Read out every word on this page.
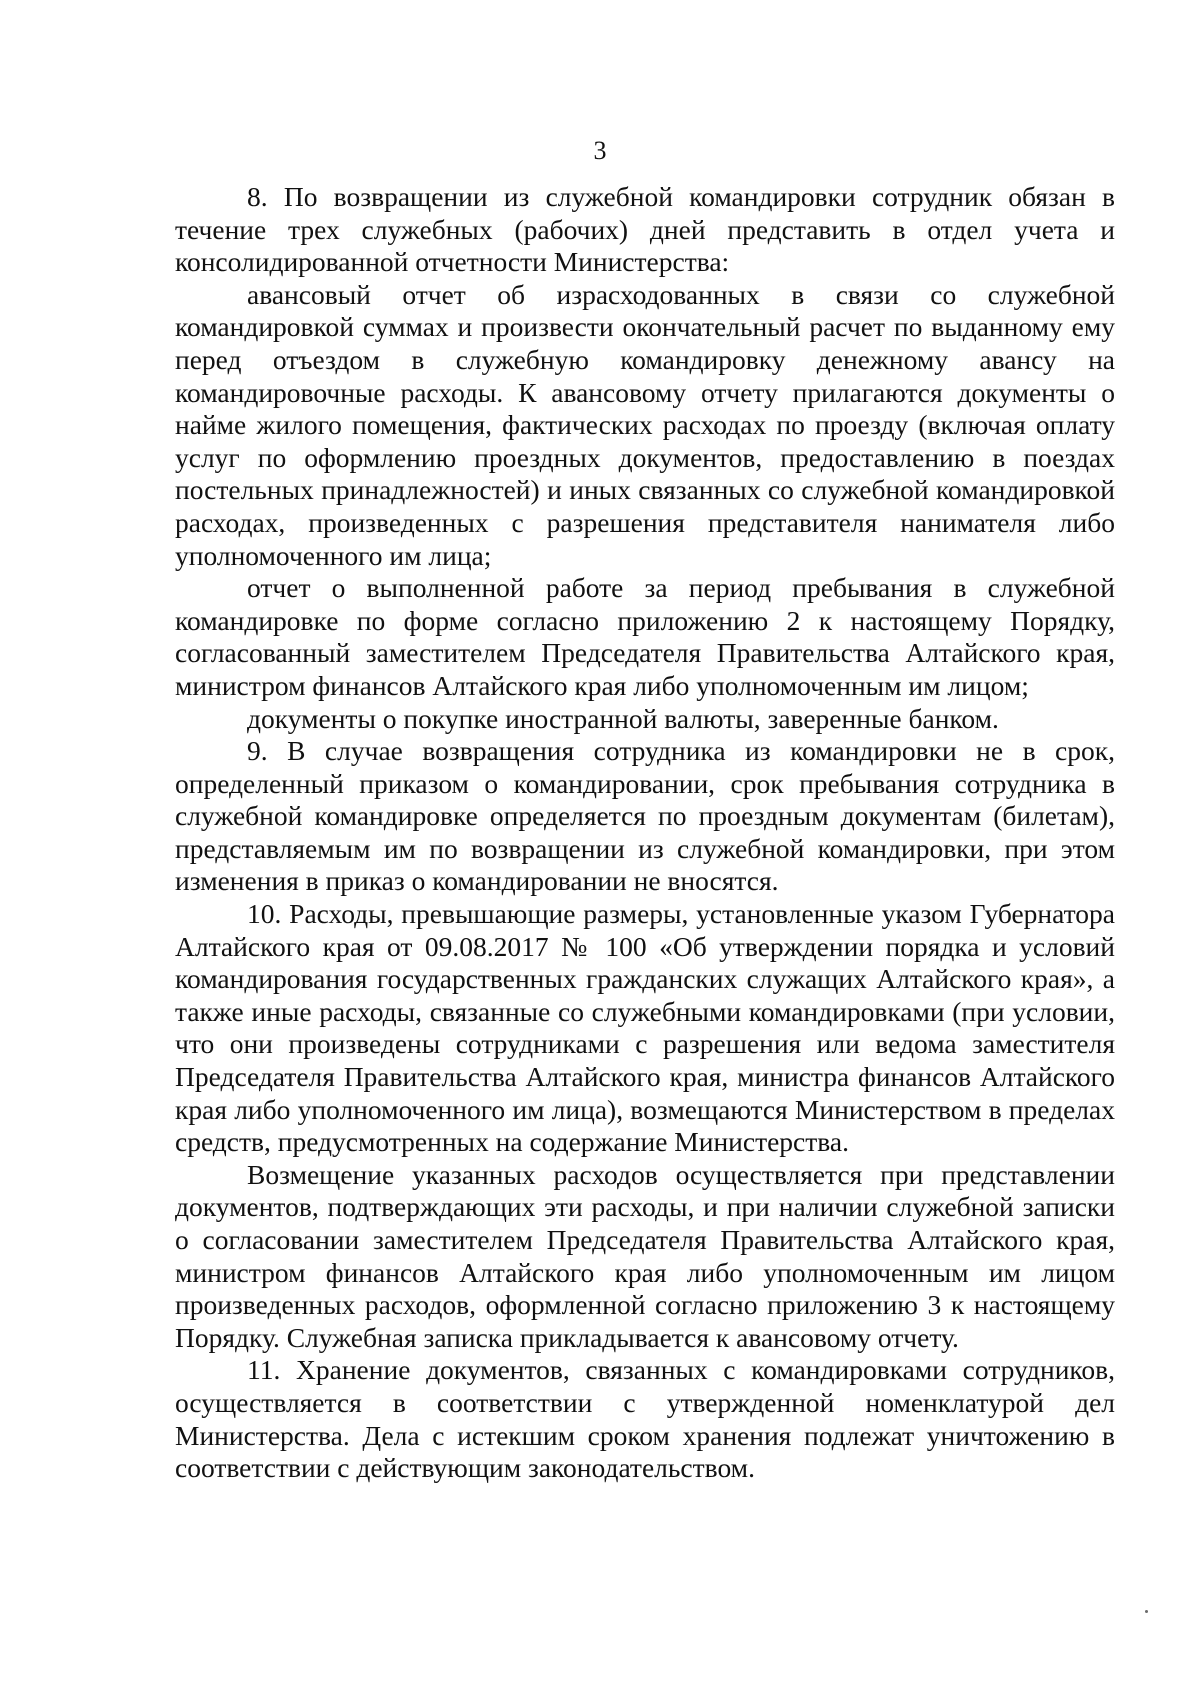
3

8. По возвращении из служебной командировки сотрудник обязан в течение трех служебных (рабочих) дней представить в отдел учета и консолидированной отчетности Министерства:

авансовый отчет об израсходованных в связи со служебной командировкой суммах и произвести окончательный расчет по выданному ему перед отъездом в служебную командировку денежному авансу на командировочные расходы. К авансовому отчету прилагаются документы о найме жилого помещения, фактических расходах по проезду (включая оплату услуг по оформлению проездных документов, предоставлению в поездах постельных принадлежностей) и иных связанных со служебной командировкой расходах, произведенных с разрешения представителя нанимателя либо уполномоченного им лица;

отчет о выполненной работе за период пребывания в служебной командировке по форме согласно приложению 2 к настоящему Порядку, согласованный заместителем Председателя Правительства Алтайского края, министром финансов Алтайского края либо уполномоченным им лицом;

документы о покупке иностранной валюты, заверенные банком.

9. В случае возвращения сотрудника из командировки не в срок, определенный приказом о командировании, срок пребывания сотрудника в служебной командировке определяется по проездным документам (билетам), представляемым им по возвращении из служебной командировки, при этом изменения в приказ о командировании не вносятся.

10. Расходы, превышающие размеры, установленные указом Губернатора Алтайского края от 09.08.2017 № 100 «Об утверждении порядка и условий командирования государственных гражданских служащих Алтайского края», а также иные расходы, связанные со служебными командировками (при условии, что они произведены сотрудниками с разрешения или ведома заместителя Председателя Правительства Алтайского края, министра финансов Алтайского края либо уполномоченного им лица), возмещаются Министерством в пределах средств, предусмотренных на содержание Министерства.

Возмещение указанных расходов осуществляется при представлении документов, подтверждающих эти расходы, и при наличии служебной записки о согласовании заместителем Председателя Правительства Алтайского края, министром финансов Алтайского края либо уполномоченным им лицом произведенных расходов, оформленной согласно приложению 3 к настоящему Порядку. Служебная записка прикладывается к авансовому отчету.

11. Хранение документов, связанных с командировками сотрудников, осуществляется в соответствии с утвержденной номенклатурой дел Министерства. Дела с истекшим сроком хранения подлежат уничтожению в соответствии с действующим законодательством.
